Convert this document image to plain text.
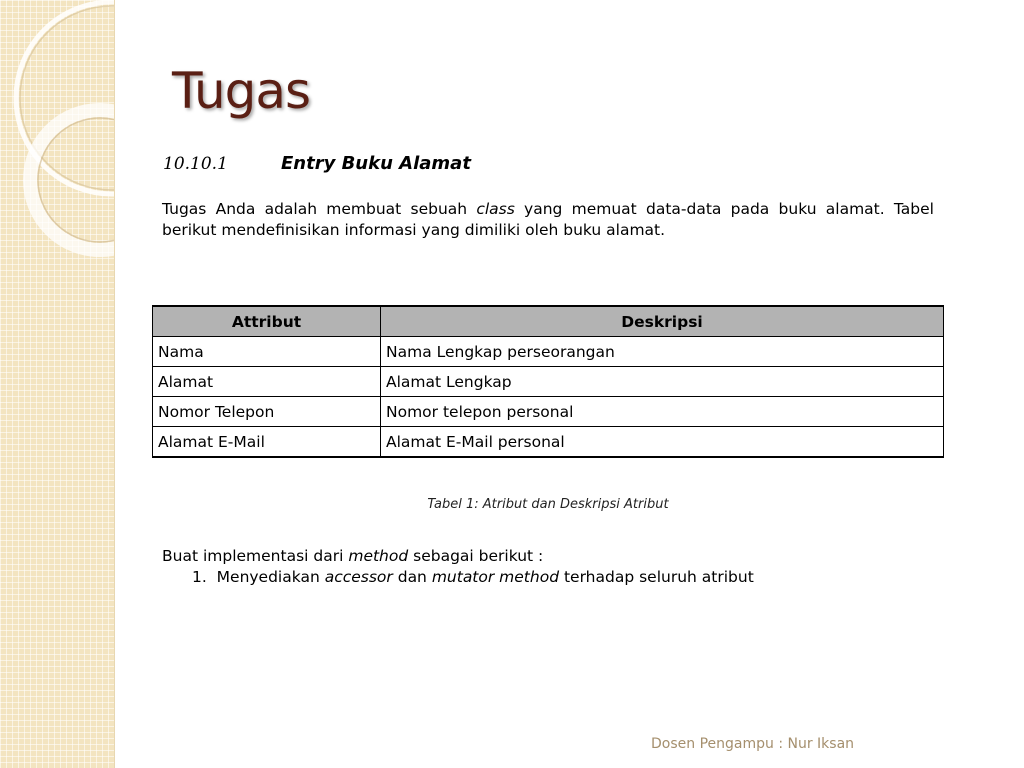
Tugas
10.10.1	Entry Buku Alamat

Tugas Anda adalah membuat sebuah class yang memuat data-data pada buku alamat. Tabel berikut mendefinisikan informasi yang dimiliki oleh buku alamat.

Attribut	Deskripsi
Nama	Nama Lengkap perseorangan
Alamat	Alamat Lengkap
Nomor Telepon	Nomor telepon personal
Alamat E-Mail	Alamat E-Mail personal
Tabel 1: Atribut dan Deskripsi Atribut
Buat implementasi dari method sebagai berikut :
1. Menyediakan accessor dan mutator method terhadap seluruh atribut
Dosen Pengampu : Nur Iksan
